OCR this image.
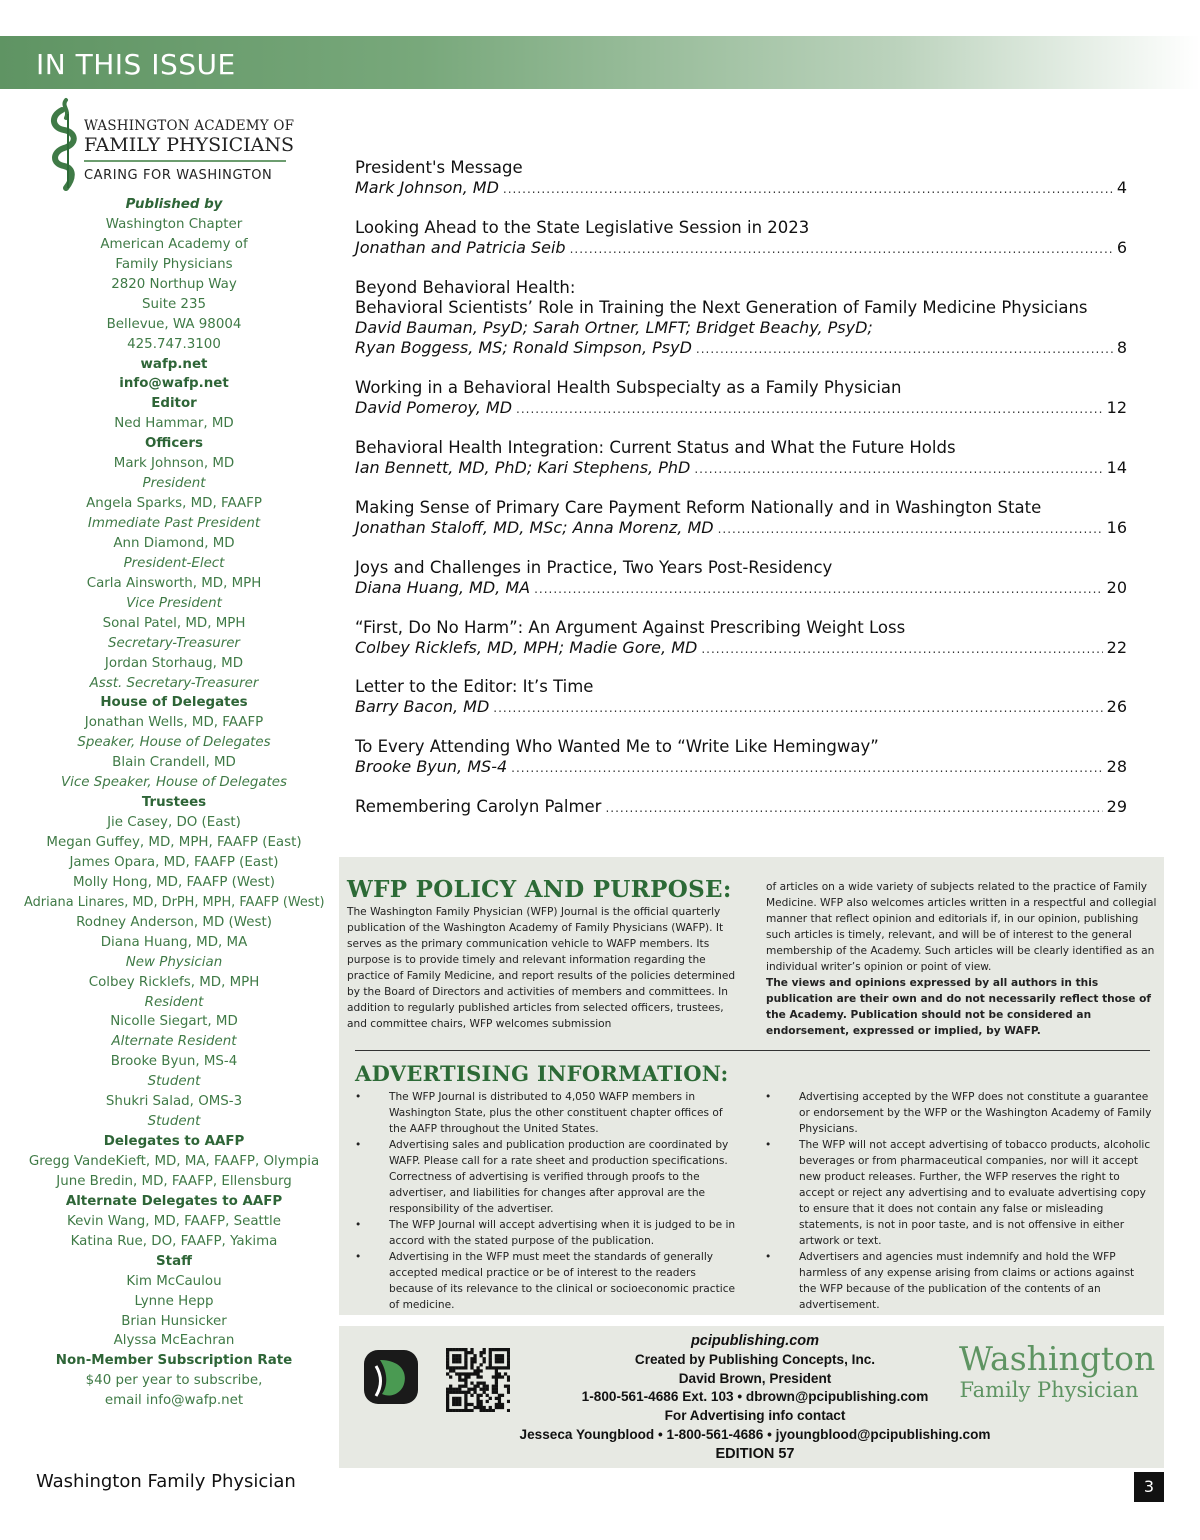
IN THIS ISSUE
WASHINGTON ACADEMY OF
FAMILY PHYSICIANS
CARING FOR WASHINGTON
Published by
Washington Chapter
American Academy of
Family Physicians
2820 Northup Way
Suite 235
Bellevue, WA 98004
425.747.3100
wafp.net
info@wafp.net
Editor
Ned Hammar, MD
Officers
Mark Johnson, MD
President
Angela Sparks, MD, FAAFP
Immediate Past President
Ann Diamond, MD
President-Elect
Carla Ainsworth, MD, MPH
Vice President
Sonal Patel, MD, MPH
Secretary-Treasurer
Jordan Storhaug, MD
Asst. Secretary-Treasurer
House of Delegates
Jonathan Wells, MD, FAAFP
Speaker, House of Delegates
Blain Crandell, MD
Vice Speaker, House of Delegates
Trustees
Jie Casey, DO (East)
Megan Guffey, MD, MPH, FAAFP (East)
James Opara, MD, FAAFP (East)
Molly Hong, MD, FAAFP (West)
Adriana Linares, MD, DrPH, MPH, FAAFP (West)
Rodney Anderson, MD (West)
Diana Huang, MD, MA
New Physician
Colbey Ricklefs, MD, MPH
Resident
Nicolle Siegart, MD
Alternate Resident
Brooke Byun, MS-4
Student
Shukri Salad, OMS-3
Student
Delegates to AAFP
Gregg VandeKieft, MD, MA, FAAFP, Olympia
June Bredin, MD, FAAFP, Ellensburg
Alternate Delegates to AAFP
Kevin Wang, MD, FAAFP, Seattle
Katina Rue, DO, FAAFP, Yakima
Staff
Kim McCaulou
Lynne Hepp
Brian Hunsicker
Alyssa McEachran
Non-Member Subscription Rate
$40 per year to subscribe,
email info@wafp.net
President's Message
Mark Johnson, MD .....	4
Looking Ahead to the State Legislative Session in 2023
Jonathan and Patricia Seib .....	6
Beyond Behavioral Health:
Behavioral Scientists’ Role in Training the Next Generation of Family Medicine Physicians
David Bauman, PsyD; Sarah Ortner, LMFT; Bridget Beachy, PsyD;
Ryan Boggess, MS; Ronald Simpson, PsyD .....	8
Working in a Behavioral Health Subspecialty as a Family Physician
David Pomeroy, MD .....	12
Behavioral Health Integration: Current Status and What the Future Holds
Ian Bennett, MD, PhD; Kari Stephens, PhD .....	14
Making Sense of Primary Care Payment Reform Nationally and in Washington State
Jonathan Staloff, MD, MSc; Anna Morenz, MD .....	16
Joys and Challenges in Practice, Two Years Post-Residency
Diana Huang, MD, MA .....	20
“First, Do No Harm”: An Argument Against Prescribing Weight Loss
Colbey Ricklefs, MD, MPH; Madie Gore, MD .....	22
Letter to the Editor: It’s Time
Barry Bacon, MD .....	26
To Every Attending Who Wanted Me to “Write Like Hemingway”
Brooke Byun, MS-4 .....	28
Remembering Carolyn Palmer .....	29
WFP POLICY AND PURPOSE:
The Washington Family Physician (WFP) Journal is the official quarterly publication of the Washington Academy of Family Physicians (WAFP). It serves as the primary communication vehicle to WAFP members. Its purpose is to provide timely and relevant information regarding the practice of Family Medicine, and report results of the policies determined by the Board of Directors and activities of members and committees. In addition to regularly published articles from selected officers, trustees, and committee chairs, WFP welcomes submission
of articles on a wide variety of subjects related to the practice of Family Medicine. WFP also welcomes articles written in a respectful and collegial manner that reflect opinion and editorials if, in our opinion, publishing such articles is timely, relevant, and will be of interest to the general membership of the Academy. Such articles will be clearly identified as an individual writer’s opinion or point of view.
The views and opinions expressed by all authors in this publication are their own and do not necessarily reflect those of the Academy. Publication should not be considered an endorsement, expressed or implied, by WAFP.
ADVERTISING INFORMATION:
• The WFP Journal is distributed to 4,050 WAFP members in Washington State, plus the other constituent chapter offices of the AAFP throughout the United States.
• Advertising sales and publication production are coordinated by WAFP. Please call for a rate sheet and production specifications. Correctness of advertising is verified through proofs to the advertiser, and liabilities for changes after approval are the responsibility of the advertiser.
• The WFP Journal will accept advertising when it is judged to be in accord with the stated purpose of the publication.
• Advertising in the WFP must meet the standards of generally accepted medical practice or be of interest to the readers because of its relevance to the clinical or socioeconomic practice of medicine.
• Advertising accepted by the WFP does not constitute a guarantee or endorsement by the WFP or the Washington Academy of Family Physicians.
• The WFP will not accept advertising of tobacco products, alcoholic beverages or from pharmaceutical companies, nor will it accept new product releases. Further, the WFP reserves the right to accept or reject any advertising and to evaluate advertising copy to ensure that it does not contain any false or misleading statements, is not in poor taste, and is not offensive in either artwork or text.
• Advertisers and agencies must indemnify and hold the WFP harmless of any expense arising from claims or actions against the WFP because of the publication of the contents of an advertisement.
pcipublishing.com
Created by Publishing Concepts, Inc.
David Brown, President
1-800-561-4686 Ext. 103 • dbrown@pcipublishing.com
For Advertising info contact
Jesseca Youngblood • 1-800-561-4686 • jyoungblood@pcipublishing.com
EDITION 57
Washington
Family Physician
Washington Family Physician	3
